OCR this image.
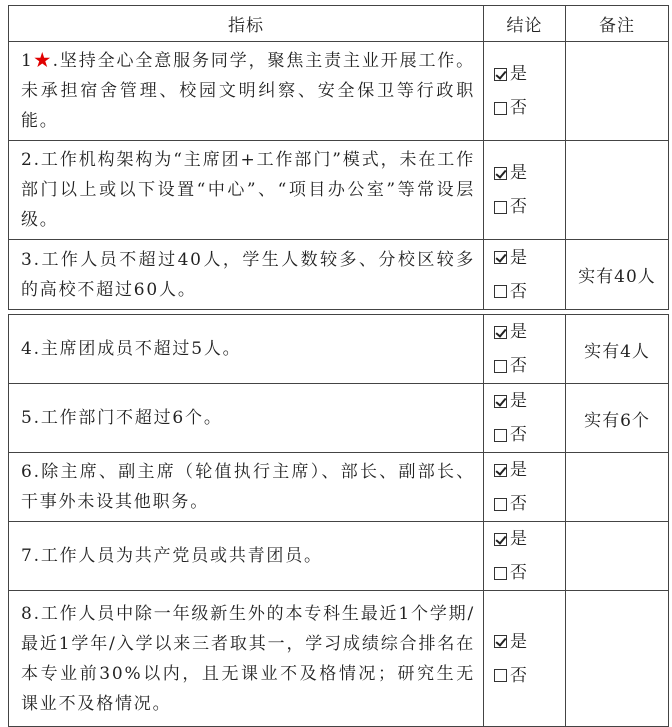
指标	结论	备注
1★.坚持全心全意服务同学，聚焦主责主业开展工作。未承担宿舍管理、校园文明纠察、安全保卫等行政职能。	是
否	

2.工作机构架构为“主席团+工作部门”模式，未在工作部门以上或以下设置“中心”、“项目办公室”等常设层级。	是
否	

3.工作人员不超过40人，学生人数较多、分校区较多的高校不超过60人。	是
否	实有40人
4.主席团成员不超过5人。	是
否	实有4人
5.工作部门不超过6个。	是
否	实有6个
6.除主席、副主席（轮值执行主席）、部长、副部长、干事外未设其他职务。	是
否	

7.工作人员为共产党员或共青团员。	是
否	

8.工作人员中除一年级新生外的本专科生最近1个学期/最近1学年/入学以来三者取其一，学习成绩综合排名在本专业前30%以内，且无课业不及格情况；研究生无课业不及格情况。	是
否	
